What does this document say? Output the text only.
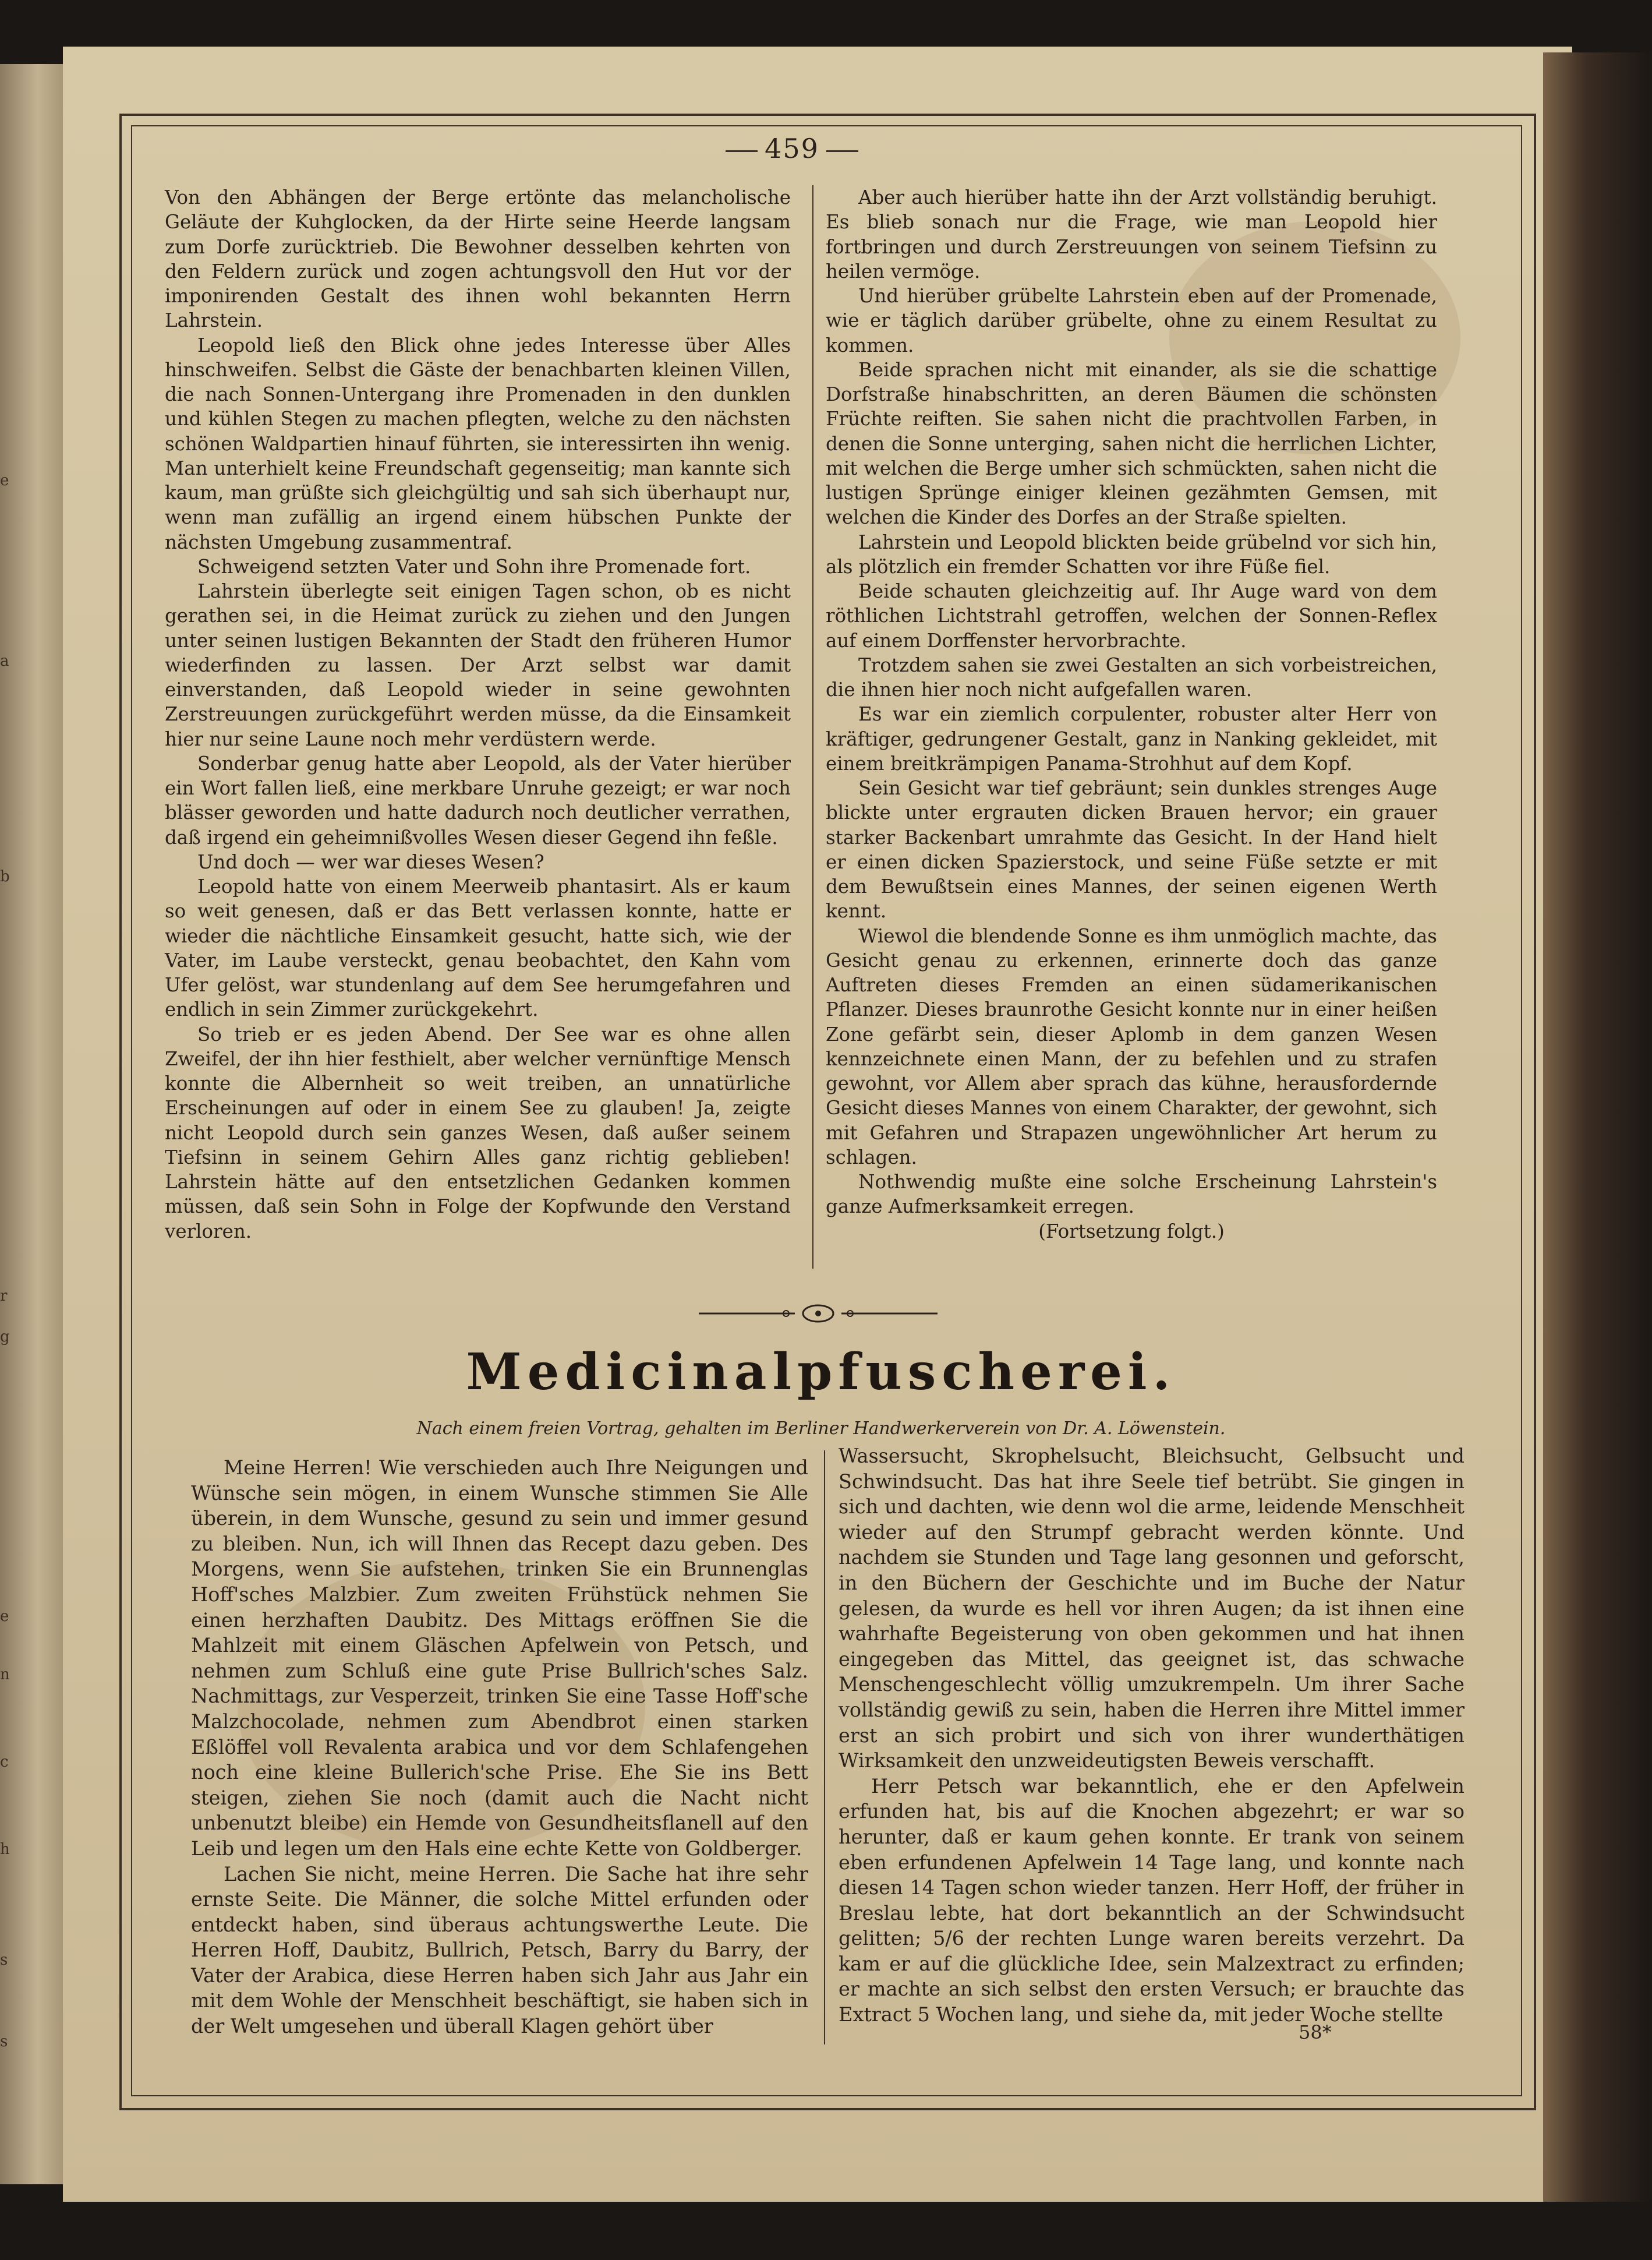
e
a
b
r
g
e
n
c
h
s
s
459

Von den Abhängen der Berge ertönte das melancholische Geläute der Kuhglocken, da der Hirte seine Heerde langsam zum Dorfe zurücktrieb. Die Bewohner desselben kehrten von den Feldern zurück und zogen achtungsvoll den Hut vor der imponirenden Gestalt des ihnen wohl bekannten Herrn Lahrstein.

Leopold ließ den Blick ohne jedes Interesse über Alles hinschweifen. Selbst die Gäste der benachbarten kleinen Villen, die nach Sonnen-Untergang ihre Promenaden in den dunklen und kühlen Stegen zu machen pflegten, welche zu den nächsten schönen Waldpartien hinauf führten, sie interessirten ihn wenig. Man unterhielt keine Freundschaft gegenseitig; man kannte sich kaum, man grüßte sich gleichgültig und sah sich überhaupt nur, wenn man zufällig an irgend einem hübschen Punkte der nächsten Umgebung zusammentraf.

Schweigend setzten Vater und Sohn ihre Promenade fort.

Lahrstein überlegte seit einigen Tagen schon, ob es nicht gerathen sei, in die Heimat zurück zu ziehen und den Jungen unter seinen lustigen Bekannten der Stadt den früheren Humor wiederfinden zu lassen. Der Arzt selbst war damit einverstanden, daß Leopold wieder in seine gewohnten Zerstreuungen zurückgeführt werden müsse, da die Einsamkeit hier nur seine Laune noch mehr verdüstern werde.

Sonderbar genug hatte aber Leopold, als der Vater hierüber ein Wort fallen ließ, eine merkbare Unruhe gezeigt; er war noch blässer geworden und hatte dadurch noch deutlicher verrathen, daß irgend ein geheimnißvolles Wesen dieser Gegend ihn feßle.

Und doch — wer war dieses Wesen?

Leopold hatte von einem Meerweib phantasirt. Als er kaum so weit genesen, daß er das Bett verlassen konnte, hatte er wieder die nächtliche Einsamkeit gesucht, hatte sich, wie der Vater, im Laube versteckt, genau beobachtet, den Kahn vom Ufer gelöst, war stundenlang auf dem See herumgefahren und endlich in sein Zimmer zurückgekehrt.

So trieb er es jeden Abend. Der See war es ohne allen Zweifel, der ihn hier festhielt, aber welcher vernünftige Mensch konnte die Albernheit so weit treiben, an unnatürliche Erscheinungen auf oder in einem See zu glauben! Ja, zeigte nicht Leopold durch sein ganzes Wesen, daß außer seinem Tiefsinn in seinem Gehirn Alles ganz richtig geblieben! Lahrstein hätte auf den entsetzlichen Gedanken kommen müssen, daß sein Sohn in Folge der Kopfwunde den Verstand verloren.

Aber auch hierüber hatte ihn der Arzt vollständig beruhigt. Es blieb sonach nur die Frage, wie man Leopold hier fortbringen und durch Zerstreuungen von seinem Tiefsinn zu heilen vermöge.

Und hierüber grübelte Lahrstein eben auf der Promenade, wie er täglich darüber grübelte, ohne zu einem Resultat zu kommen.

Beide sprachen nicht mit einander, als sie die schattige Dorfstraße hinabschritten, an deren Bäumen die schönsten Früchte reiften. Sie sahen nicht die prachtvollen Farben, in denen die Sonne unterging, sahen nicht die herrlichen Lichter, mit welchen die Berge umher sich schmückten, sahen nicht die lustigen Sprünge einiger kleinen gezähmten Gemsen, mit welchen die Kinder des Dorfes an der Straße spielten.

Lahrstein und Leopold blickten beide grübelnd vor sich hin, als plötzlich ein fremder Schatten vor ihre Füße fiel.

Beide schauten gleichzeitig auf. Ihr Auge ward von dem röthlichen Lichtstrahl getroffen, welchen der Sonnen-Reflex auf einem Dorffenster hervorbrachte.

Trotzdem sahen sie zwei Gestalten an sich vorbeistreichen, die ihnen hier noch nicht aufgefallen waren.

Es war ein ziemlich corpulenter, robuster alter Herr von kräftiger, gedrungener Gestalt, ganz in Nanking gekleidet, mit einem breitkrämpigen Panama-Strohhut auf dem Kopf.

Sein Gesicht war tief gebräunt; sein dunkles strenges Auge blickte unter ergrauten dicken Brauen hervor; ein grauer starker Backenbart umrahmte das Gesicht. In der Hand hielt er einen dicken Spazierstock, und seine Füße setzte er mit dem Bewußtsein eines Mannes, der seinen eigenen Werth kennt.

Wiewol die blendende Sonne es ihm unmöglich machte, das Gesicht genau zu erkennen, erinnerte doch das ganze Auftreten dieses Fremden an einen südamerikanischen Pflanzer. Dieses braunrothe Gesicht konnte nur in einer heißen Zone gefärbt sein, dieser Aplomb in dem ganzen Wesen kennzeichnete einen Mann, der zu befehlen und zu strafen gewohnt, vor Allem aber sprach das kühne, herausfordernde Gesicht dieses Mannes von einem Charakter, der gewohnt, sich mit Gefahren und Strapazen ungewöhnlicher Art herum zu schlagen.

Nothwendig mußte eine solche Erscheinung Lahrstein's ganze Aufmerksamkeit erregen.

(Fortsetzung folgt.)

Medicinalpfuscherei.
Nach einem freien Vortrag, gehalten im Berliner Handwerkerverein von Dr. A. Löwenstein.

Meine Herren! Wie verschieden auch Ihre Neigungen und Wünsche sein mögen, in einem Wunsche stimmen Sie Alle überein, in dem Wunsche, gesund zu sein und immer gesund zu bleiben. Nun, ich will Ihnen das Recept dazu geben. Des Morgens, wenn Sie aufstehen, trinken Sie ein Brunnenglas Hoff'sches Malzbier. Zum zweiten Frühstück nehmen Sie einen herzhaften Daubitz. Des Mittags eröffnen Sie die Mahlzeit mit einem Gläschen Apfelwein von Petsch, und nehmen zum Schluß eine gute Prise Bullrich'sches Salz. Nachmittags, zur Vesperzeit, trinken Sie eine Tasse Hoff'sche Malzchocolade, nehmen zum Abendbrot einen starken Eßlöffel voll Revalenta arabica und vor dem Schlafengehen noch eine kleine Bullerich'sche Prise. Ehe Sie ins Bett steigen, ziehen Sie noch (damit auch die Nacht nicht unbenutzt bleibe) ein Hemde von Gesundheitsflanell auf den Leib und legen um den Hals eine echte Kette von Goldberger.

Lachen Sie nicht, meine Herren. Die Sache hat ihre sehr ernste Seite. Die Männer, die solche Mittel erfunden oder entdeckt haben, sind überaus achtungswerthe Leute. Die Herren Hoff, Daubitz, Bullrich, Petsch, Barry du Barry, der Vater der Arabica, diese Herren haben sich Jahr aus Jahr ein mit dem Wohle der Menschheit beschäftigt, sie haben sich in der Welt umgesehen und überall Klagen gehört über

Wassersucht, Skrophelsucht, Bleichsucht, Gelbsucht und Schwindsucht. Das hat ihre Seele tief betrübt. Sie gingen in sich und dachten, wie denn wol die arme, leidende Menschheit wieder auf den Strumpf gebracht werden könnte. Und nachdem sie Stunden und Tage lang gesonnen und geforscht, in den Büchern der Geschichte und im Buche der Natur gelesen, da wurde es hell vor ihren Augen; da ist ihnen eine wahrhafte Begeisterung von oben gekommen und hat ihnen eingegeben das Mittel, das geeignet ist, das schwache Menschengeschlecht völlig umzukrempeln. Um ihrer Sache vollständig gewiß zu sein, haben die Herren ihre Mittel immer erst an sich probirt und sich von ihrer wunderthätigen Wirksamkeit den unzweideutigsten Beweis verschafft.

Herr Petsch war bekanntlich, ehe er den Apfelwein erfunden hat, bis auf die Knochen abgezehrt; er war so herunter, daß er kaum gehen konnte. Er trank von seinem eben erfundenen Apfelwein 14 Tage lang, und konnte nach diesen 14 Tagen schon wieder tanzen. Herr Hoff, der früher in Breslau lebte, hat dort bekanntlich an der Schwindsucht gelitten; 5/6 der rechten Lunge waren bereits verzehrt. Da kam er auf die glückliche Idee, sein Malzextract zu erfinden; er machte an sich selbst den ersten Versuch; er brauchte das Extract 5 Wochen lang, und siehe da, mit jeder Woche stellte

58*
